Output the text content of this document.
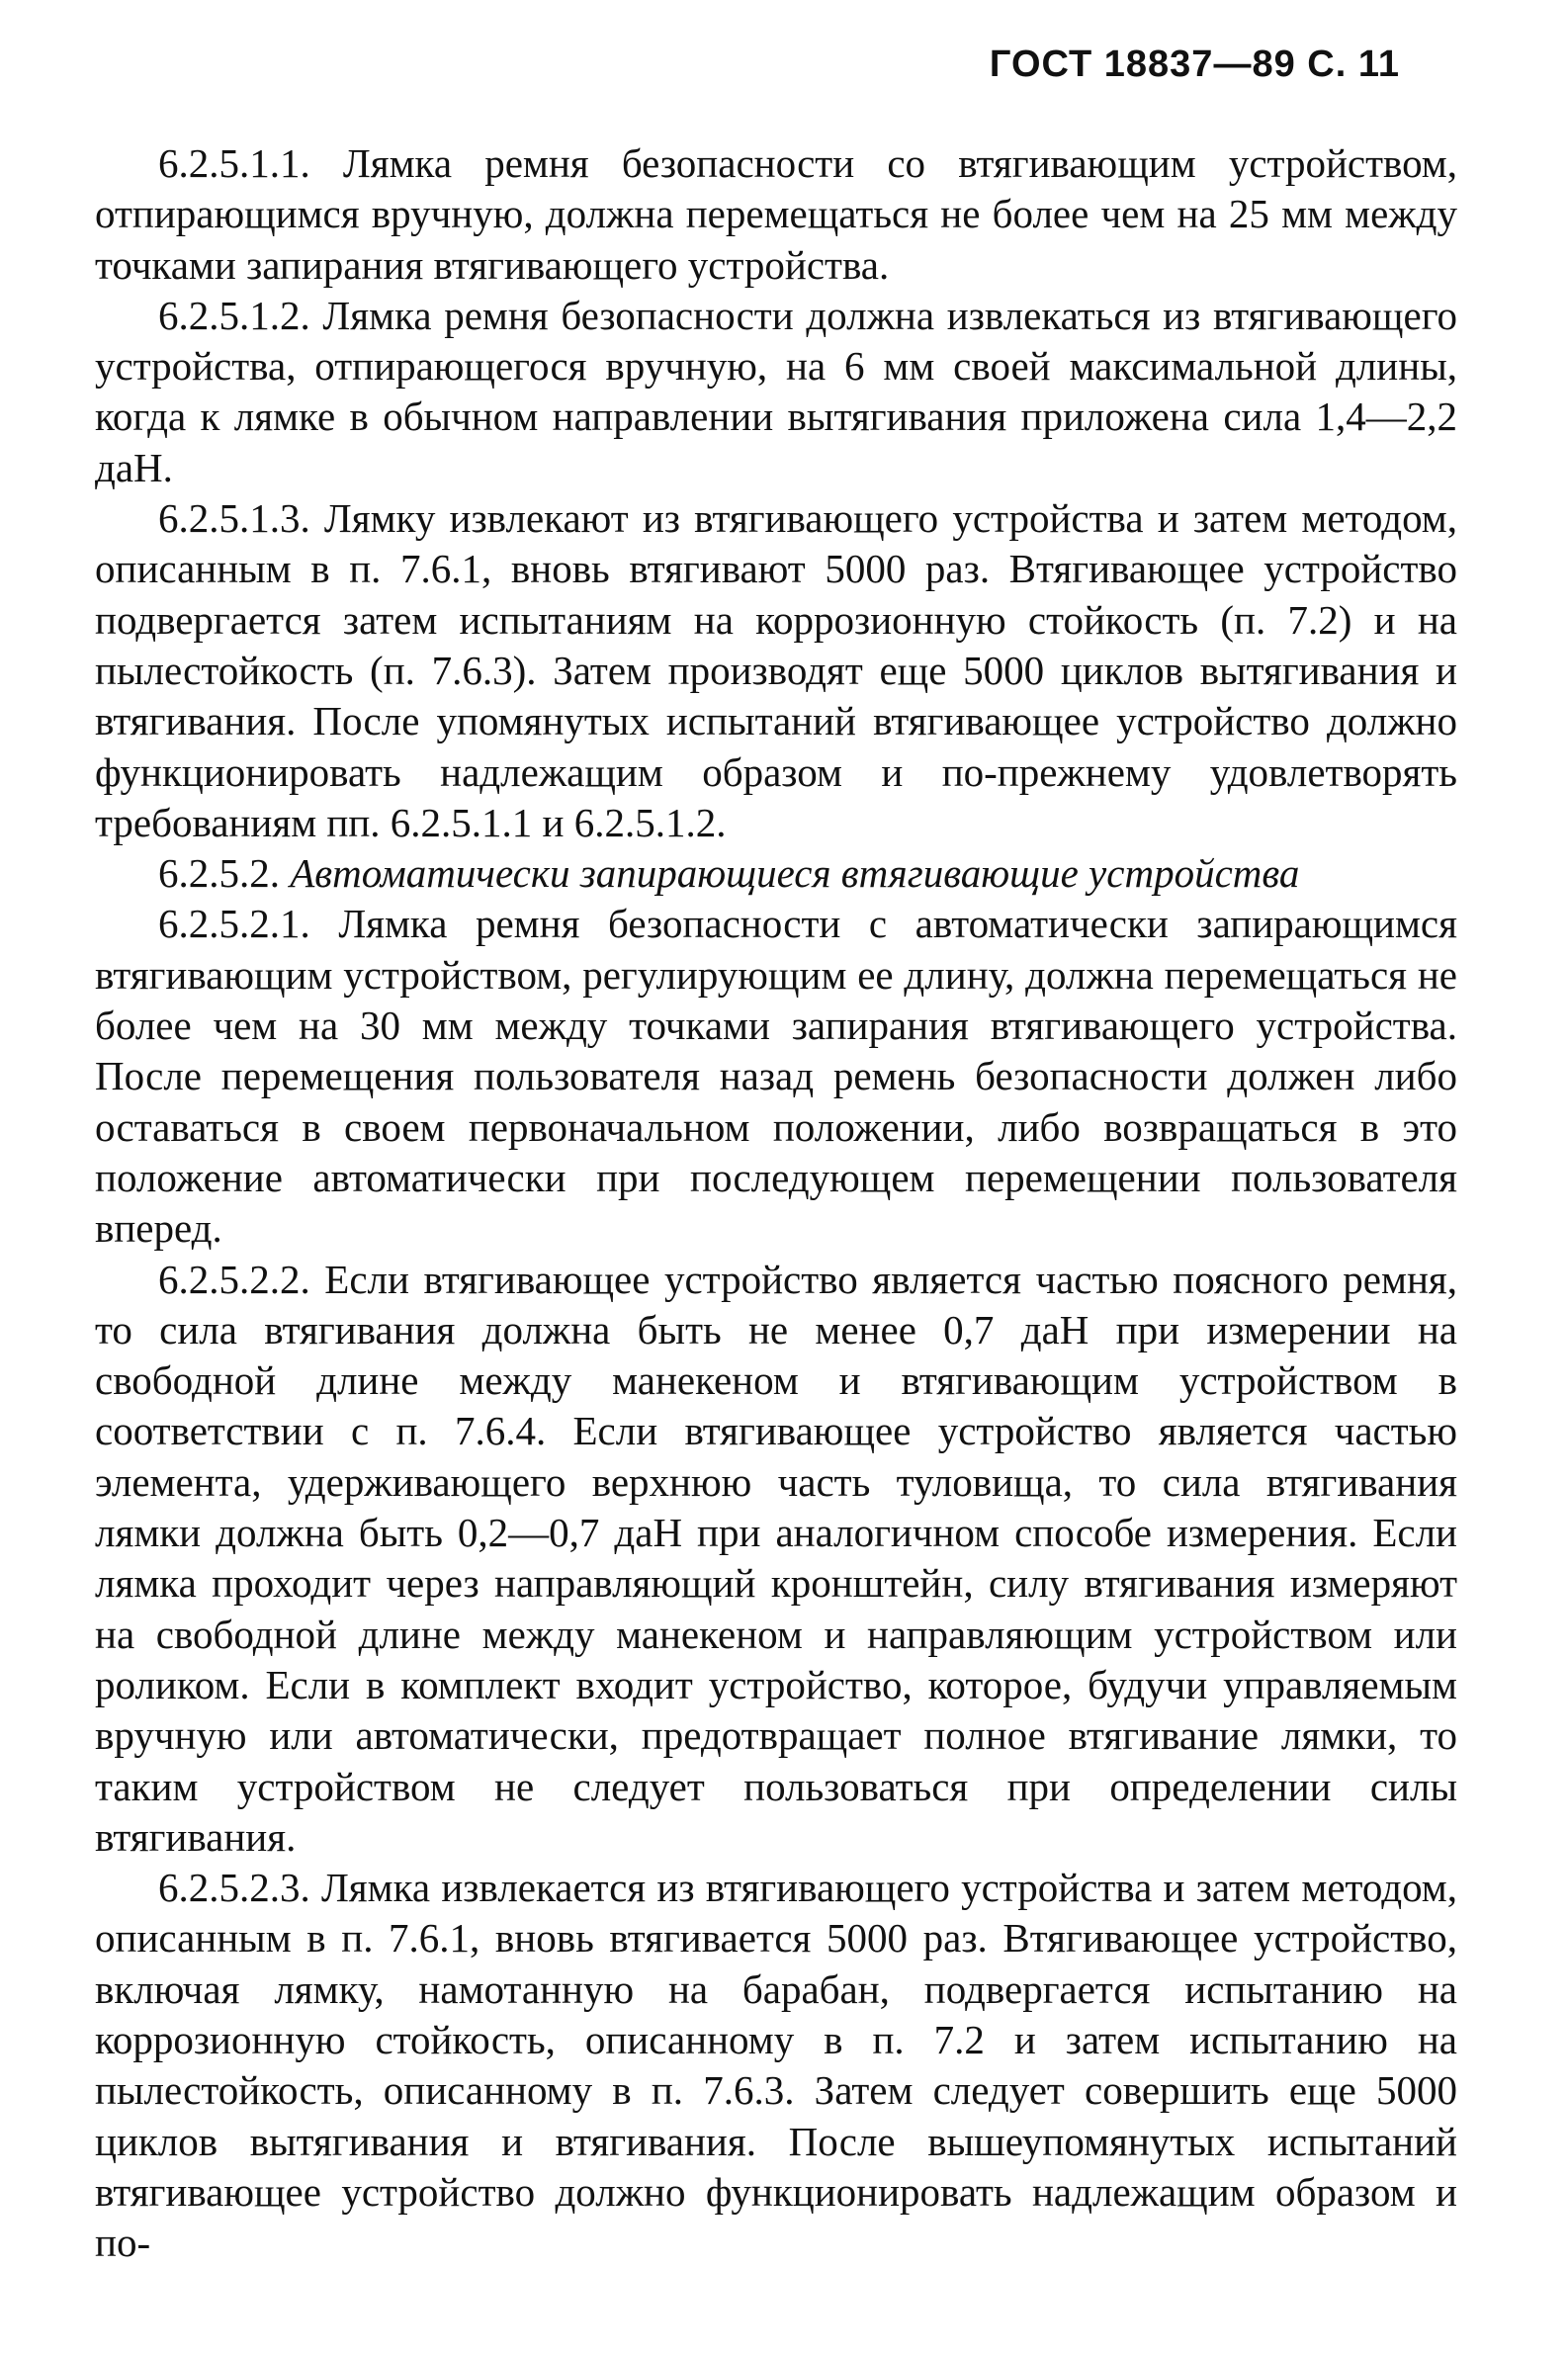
ГОСТ 18837—89 С. 11

6.2.5.1.1. Лямка ремня безопасности со втягивающим устройством, отпирающимся вручную, должна перемещаться не более чем на 25 мм между точками запирания втягивающего устройства.

6.2.5.1.2. Лямка ремня безопасности должна извлекаться из втягивающего устройства, отпирающегося вручную, на 6 мм своей максимальной длины, когда к лямке в обычном направлении вытягивания приложена сила 1,4—2,2 даН.

6.2.5.1.3. Лямку извлекают из втягивающего устройства и затем методом, описанным в п. 7.6.1, вновь втягивают 5000 раз. Втягивающее устройство подвергается затем испытаниям на коррозионную стойкость (п. 7.2) и на пылестойкость (п. 7.6.3). Затем производят еще 5000 циклов вытягивания и втягивания. После упомянутых испытаний втягивающее устройство должно функционировать надлежащим образом и по-прежнему удовлетворять требованиям пп. 6.2.5.1.1 и 6.2.5.1.2.

6.2.5.2. Автоматически запирающиеся втягивающие устройства

6.2.5.2.1. Лямка ремня безопасности с автоматически запирающимся втягивающим устройством, регулирующим ее длину, должна перемещаться не более чем на 30 мм между точками запирания втягивающего устройства. После перемещения пользователя назад ремень безопасности должен либо оставаться в своем первоначальном положении, либо возвращаться в это положение автоматически при последующем перемещении пользователя вперед.

6.2.5.2.2. Если втягивающее устройство является частью поясного ремня, то сила втягивания должна быть не менее 0,7 даН при измерении на свободной длине между манекеном и втягивающим устройством в соответствии с п. 7.6.4. Если втягивающее устройство является частью элемента, удерживающего верхнюю часть туловища, то сила втягивания лямки должна быть 0,2—0,7 даН при аналогичном способе измерения. Если лямка проходит через направляющий кронштейн, силу втягивания измеряют на свободной длине между манекеном и направляющим устройством или роликом. Если в комплект входит устройство, которое, будучи управляемым вручную или автоматически, предотвращает полное втягивание лямки, то таким устройством не следует пользоваться при определении силы втягивания.

6.2.5.2.3. Лямка извлекается из втягивающего устройства и затем методом, описанным в п. 7.6.1, вновь втягивается 5000 раз. Втягивающее устройство, включая лямку, намотанную на барабан, подвергается испытанию на коррозионную стойкость, описанному в п. 7.2 и затем испытанию на пылестойкость, описанному в п. 7.6.3. Затем следует совершить еще 5000 циклов вытягивания и втягивания. После вышеупомянутых испытаний втягивающее устройство должно функционировать надлежащим образом и по-
